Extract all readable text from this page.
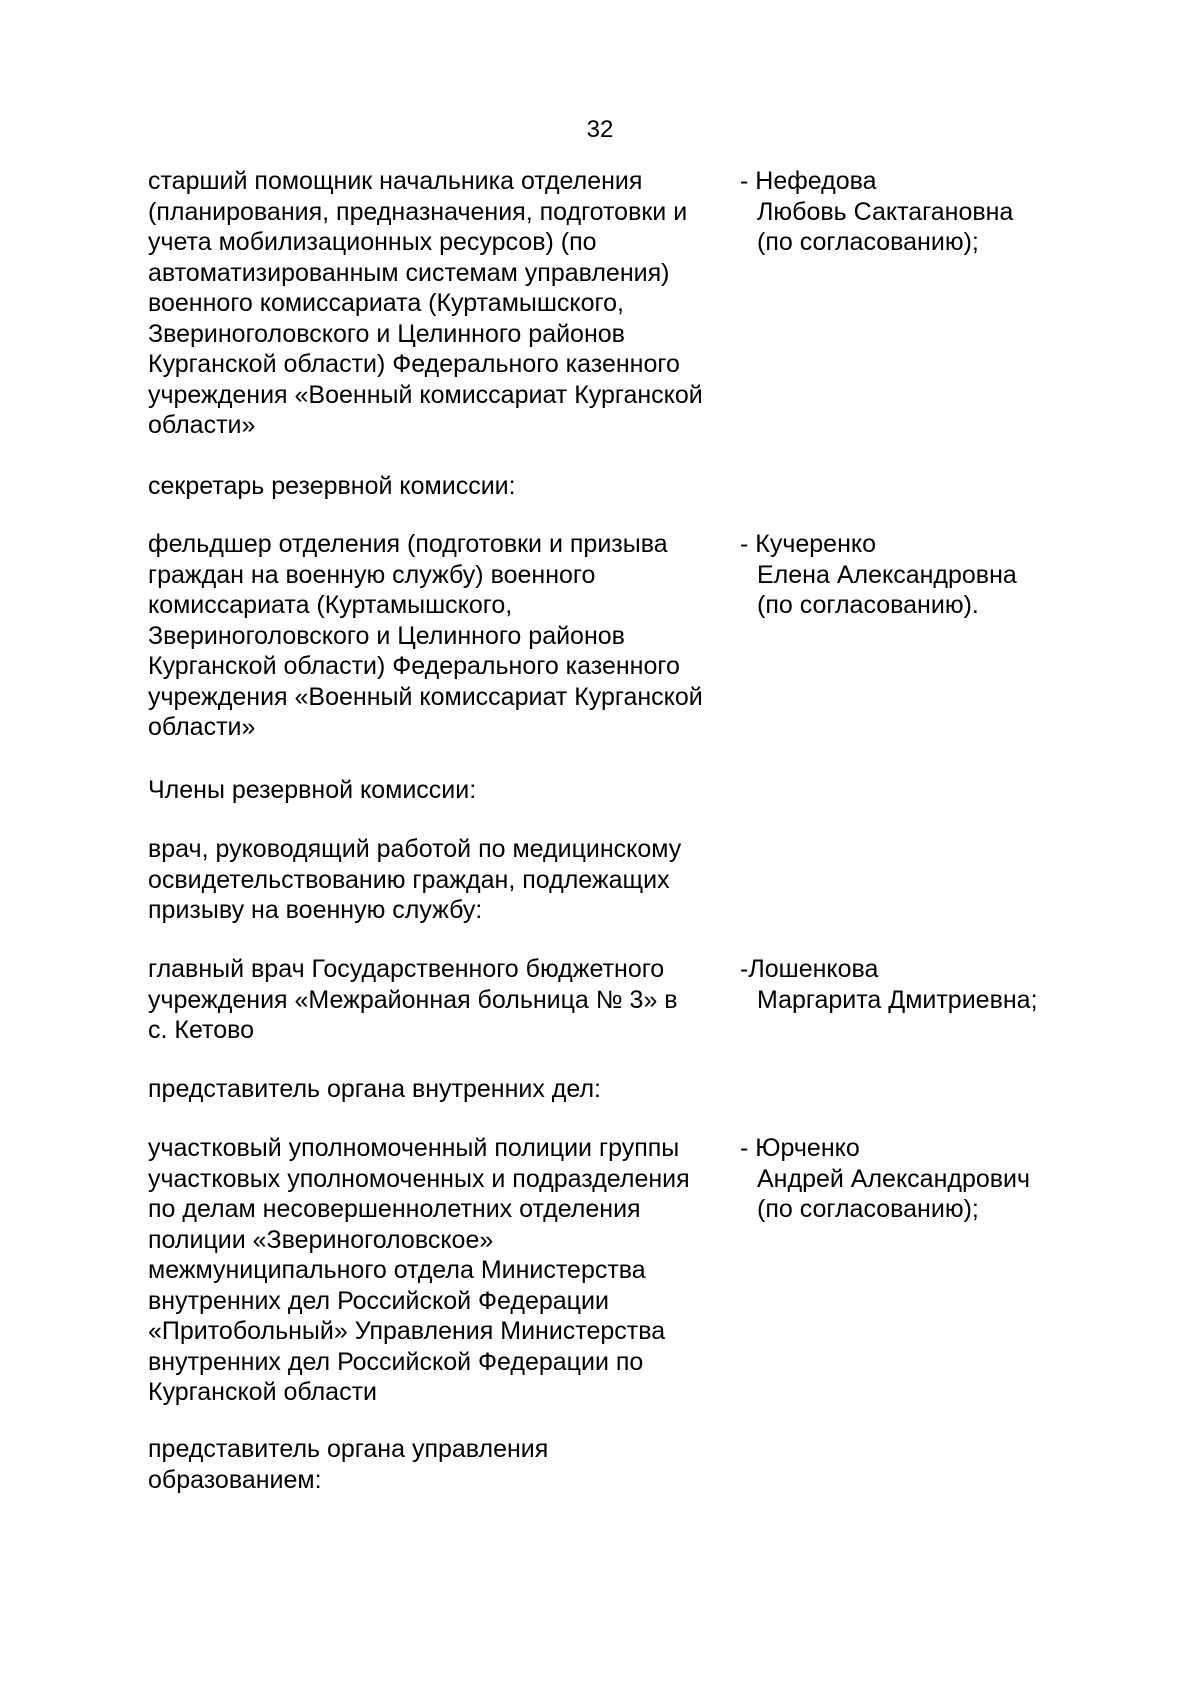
32
старший помощник начальника отделения
(планирования, предназначения, подготовки и
учета мобилизационных ресурсов) (по
автоматизированным системам управления)
военного комиссариата (Куртамышского,
Звериноголовского и Целинного районов
Курганской области) Федерального казенного
учреждения «Военный комиссариат Курганской
области»
- Нефедова
Любовь Сактагановна
(по согласованию);
секретарь резервной комиссии:
фельдшер отделения (подготовки и призыва
граждан на военную службу) военного
комиссариата (Куртамышского,
Звериноголовского и Целинного районов
Курганской области) Федерального казенного
учреждения «Военный комиссариат Курганской
области»
- Кучеренко
Елена Александровна
(по согласованию).
Члены резервной комиссии:
врач, руководящий работой по медицинскому
освидетельствованию граждан, подлежащих
призыву на военную службу:
главный врач Государственного бюджетного
учреждения «Межрайонная больница № 3» в
с. Кетово
-Лошенкова
Маргарита Дмитриевна;
представитель органа внутренних дел:
участковый уполномоченный полиции группы
участковых уполномоченных и подразделения
по делам несовершеннолетних отделения
полиции «Звериноголовское»
межмуниципального отдела Министерства
внутренних дел Российской Федерации
«Притобольный» Управления Министерства
внутренних дел Российской Федерации по
Курганской области
- Юрченко
Андрей Александрович
(по согласованию);
представитель органа управления
образованием:
